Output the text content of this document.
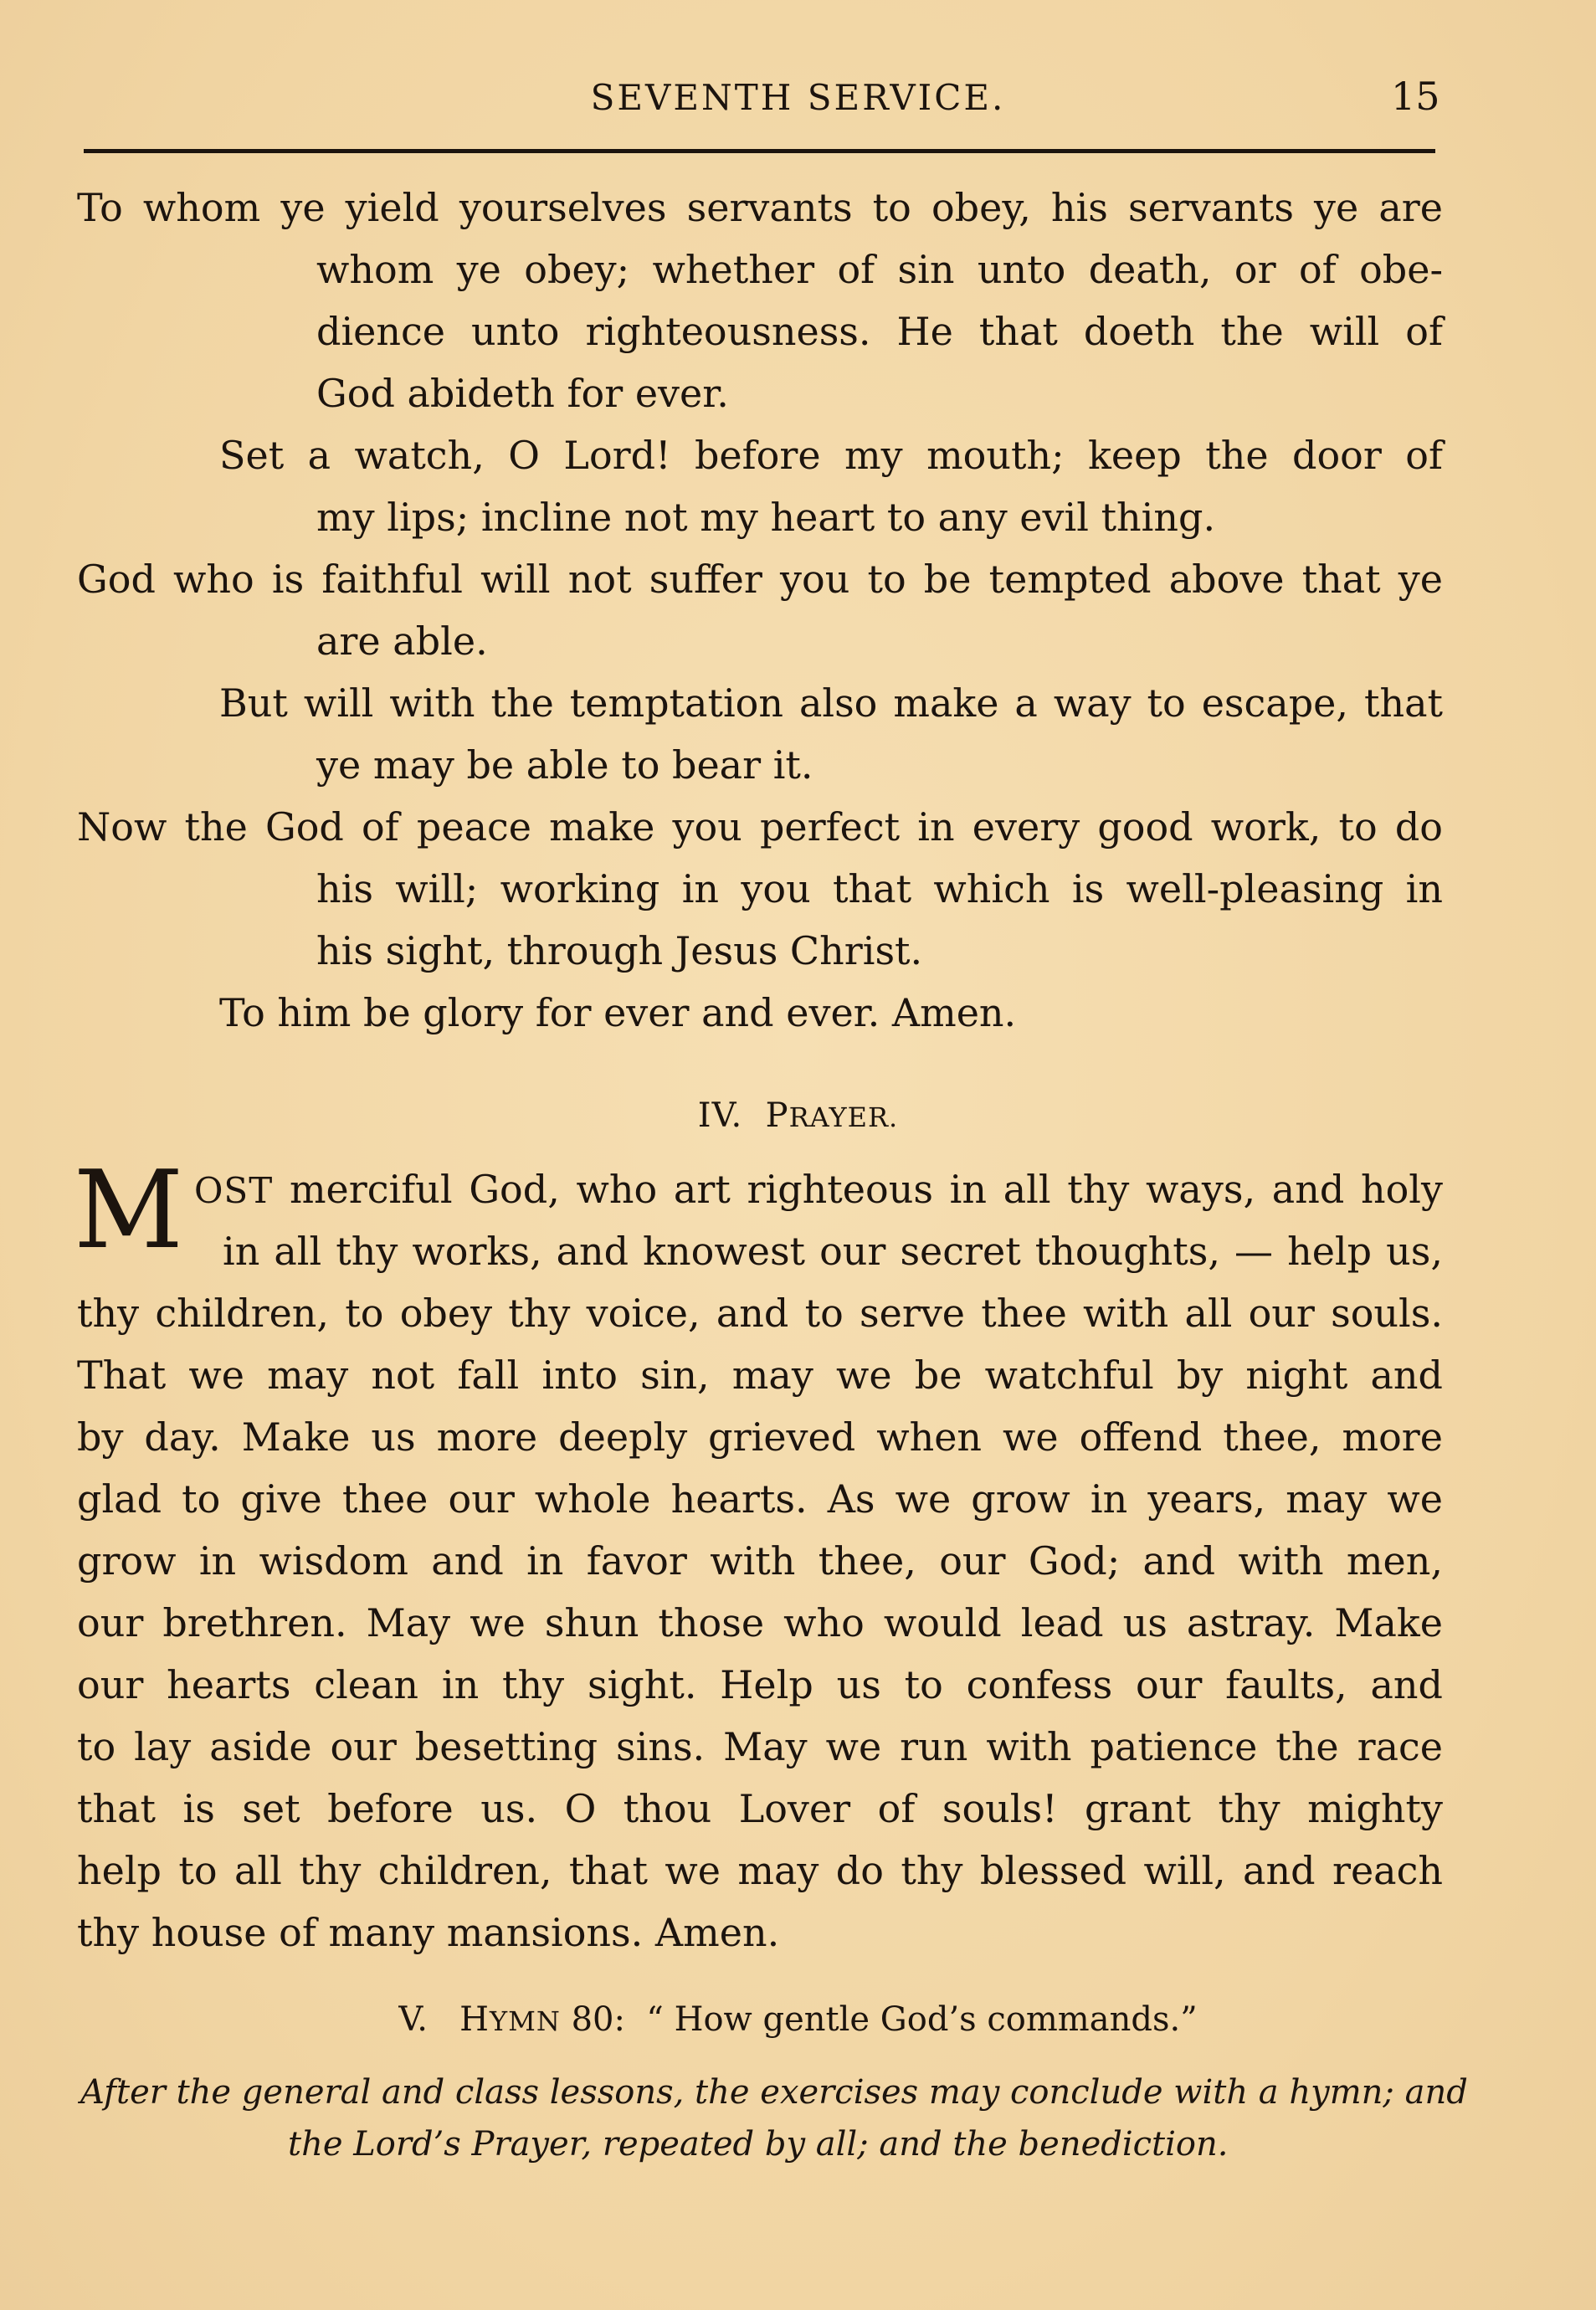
SEVENTH SERVICE.	15
To whom ye yield yourselves servants to obey, his servants ye are
whom ye obey; whether of sin unto death, or of obe-
dience unto righteousness. He that doeth the will of
God abideth for ever.
Set a watch, O Lord! before my mouth; keep the door of
my lips; incline not my heart to any evil thing.
God who is faithful will not suffer you to be tempted above that ye
are able.
But will with the temptation also make a way to escape, that
ye may be able to bear it.
Now the God of peace make you perfect in every good work, to do
his will; working in you that which is well-pleasing in
his sight, through Jesus Christ.
To him be glory for ever and ever. Amen.
IV. PRAYER.
M OST merciful God, who art righteous in all thy ways, and holy
in all thy works, and knowest our secret thoughts, — help us,
thy children, to obey thy voice, and to serve thee with all our souls.
That we may not fall into sin, may we be watchful by night and
by day. Make us more deeply grieved when we offend thee, more
glad to give thee our whole hearts. As we grow in years, may we
grow in wisdom and in favor with thee, our God; and with men,
our brethren. May we shun those who would lead us astray. Make
our hearts clean in thy sight. Help us to confess our faults, and
to lay aside our besetting sins. May we run with patience the race
that is set before us. O thou Lover of souls! grant thy mighty
help to all thy children, that we may do thy blessed will, and reach
thy house of many mansions. Amen.
V. HYMN 80: “ How gentle God’s commands.”
After the general and class lessons, the exercises may conclude with a hymn; and
the Lord’s Prayer, repeated by all; and the benediction.
